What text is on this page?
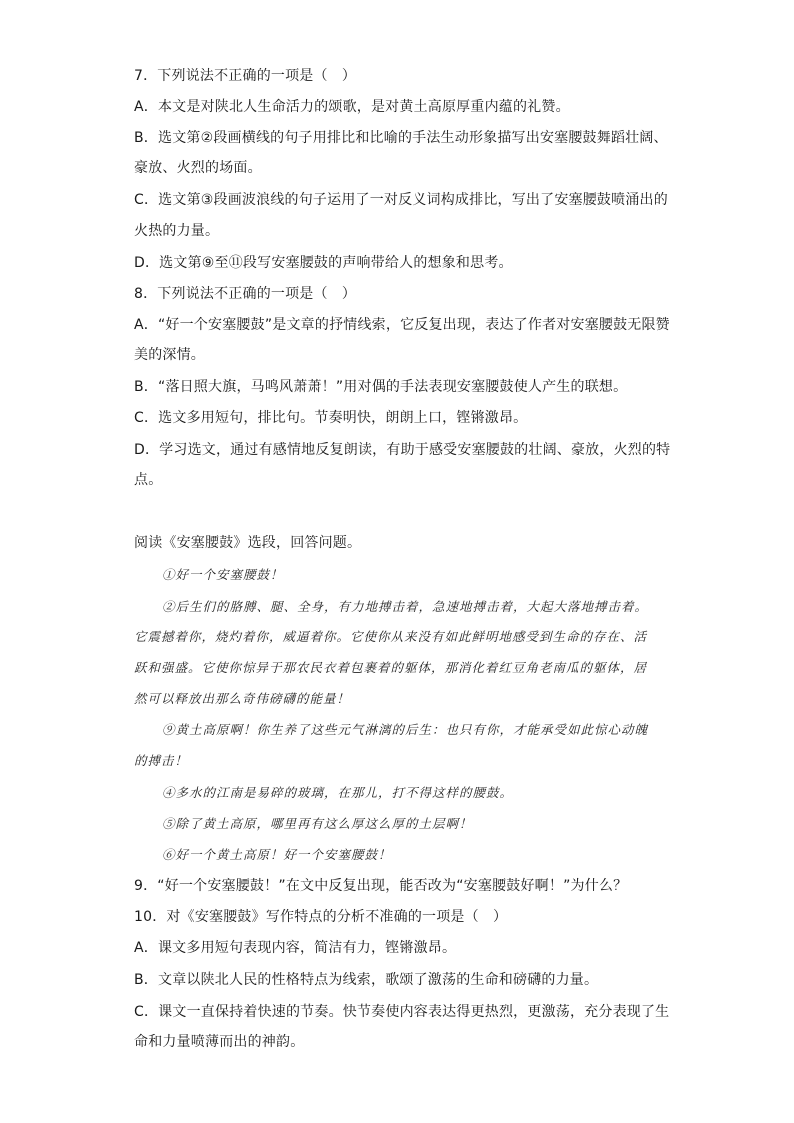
7．下列说法不正确的一项是（　）
A．本文是对陕北人生命活力的颂歌，是对黄土高原厚重内蕴的礼赞。
B．选文第②段画横线的句子用排比和比喻的手法生动形象描写出安塞腰鼓舞蹈壮阔、
豪放、火烈的场面。
C．选文第③段画波浪线的句子运用了一对反义词构成排比，写出了安塞腰鼓喷涌出的
火热的力量。
D．选文第⑨至⑪段写安塞腰鼓的声响带给人的想象和思考。
8．下列说法不正确的一项是（　）
A．“好一个安塞腰鼓”是文章的抒情线索，它反复出现，表达了作者对安塞腰鼓无限赞
美的深情。
B．“落日照大旗，马鸣风萧萧！”用对偶的手法表现安塞腰鼓使人产生的联想。
C．选文多用短句，排比句。节奏明快，朗朗上口，铿锵激昂。
D．学习选文，通过有感情地反复朗读，有助于感受安塞腰鼓的壮阔、豪放，火烈的特
点。
阅读《安塞腰鼓》选段，回答问题。
①好一个安塞腰鼓！
②后生们的胳膊、腿、全身，有力地搏击着，急速地搏击着，大起大落地搏击着。
它震撼着你，烧灼着你，威逼着你。它使你从来没有如此鲜明地感受到生命的存在、活
跃和强盛。它使你惊异于那农民衣着包裹着的躯体，那消化着红豆角老南瓜的躯体，居
然可以释放出那么奇伟磅礴的能量！
⑨黄土高原啊！你生养了这些元气淋漓的后生：也只有你，才能承受如此惊心动魄
的搏击！
④多水的江南是易碎的玻璃，在那儿，打不得这样的腰鼓。
⑤除了黄土高原，哪里再有这么厚这么厚的土层啊！
⑥好一个黄土高原！好一个安塞腰鼓！
9．“好一个安塞腰鼓！”在文中反复出现，能否改为“安塞腰鼓好啊！”为什么？
10．对《安塞腰鼓》写作特点的分析不准确的一项是（　）
A．课文多用短句表现内容，简洁有力，铿锵激昂。
B．文章以陕北人民的性格特点为线索，歌颂了激荡的生命和磅礴的力量。
C．课文一直保持着快速的节奏。快节奏使内容表达得更热烈，更激荡，充分表现了生
命和力量喷薄而出的神韵。
